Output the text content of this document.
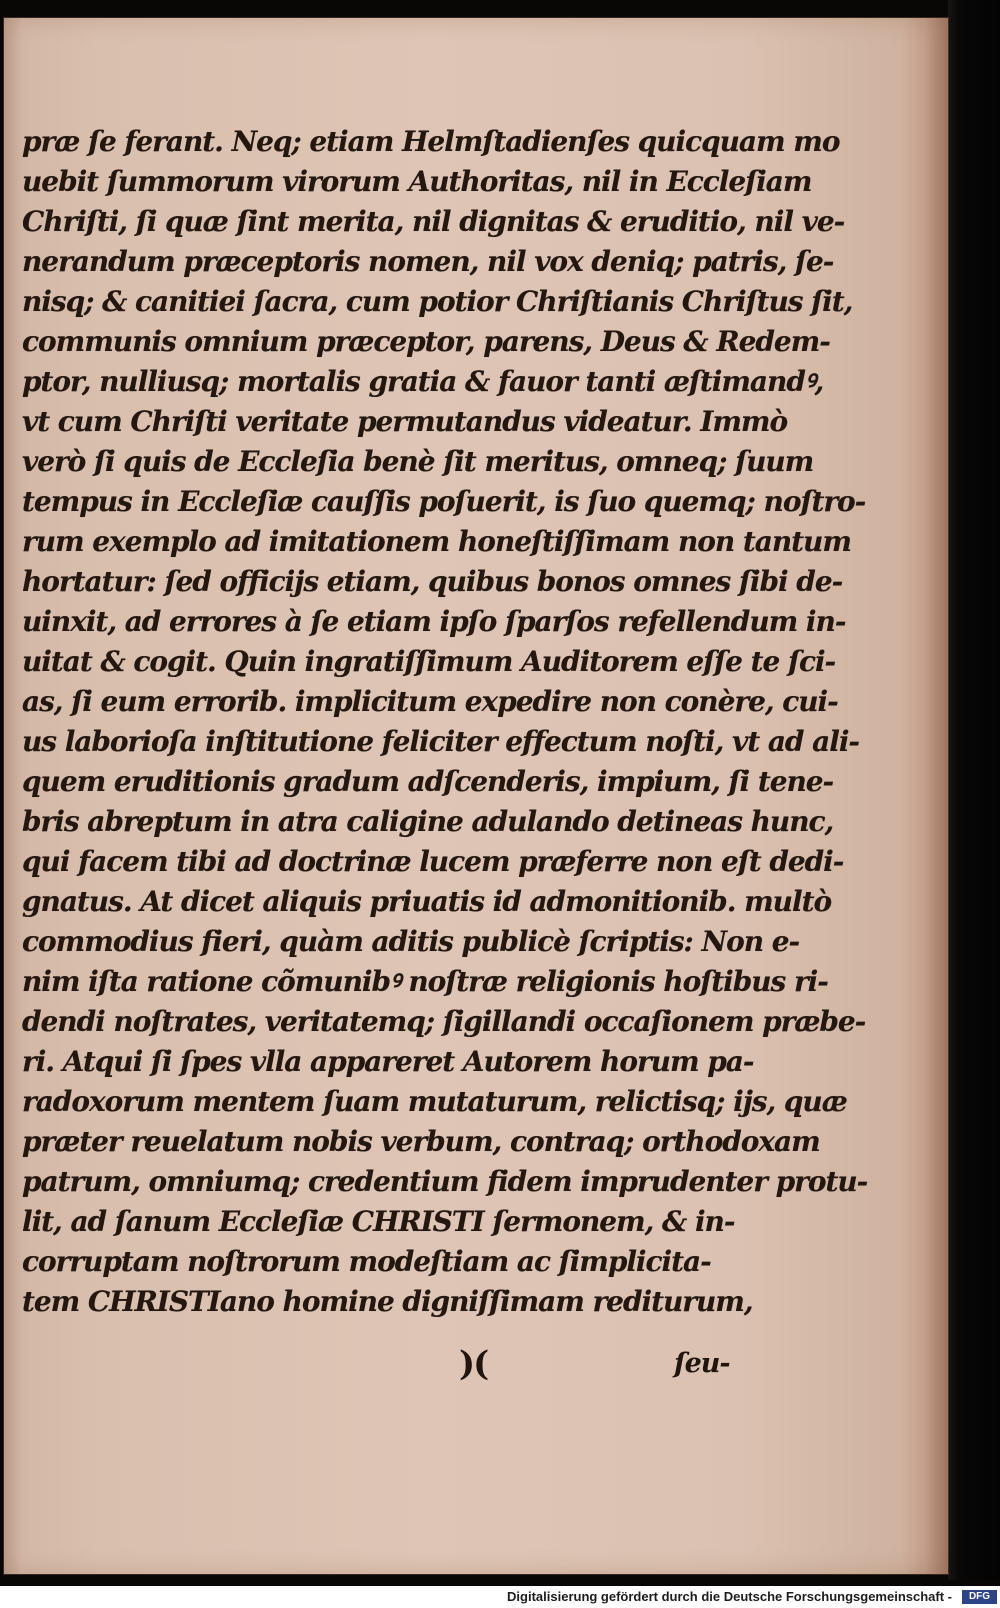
præ ſe ferant. Neq; etiam Helmſtadienſes quicquam mo
uebit ſummorum virorum Authoritas, nil in Eccleſiam
Chriſti, ſi quæ ſint merita, nil dignitas & eruditio, nil ve-
nerandum præceptoris nomen, nil vox deniq; patris, ſe-
nisq; & canitiei ſacra, cum potior Chriſtianis Chriſtus ſit,
communis omnium præceptor, parens, Deus & Redem-
ptor, nulliusq; mortalis gratia & fauor tanti æſtimandꝰ,
vt cum Chriſti veritate permutandus videatur. Immò
verò ſi quis de Eccleſia benè ſit meritus, omneq; ſuum
tempus in Eccleſiæ cauſſis poſuerit, is ſuo quemq; noſtro-
rum exemplo ad imitationem honeſtiſſimam non tantum
hortatur: ſed officijs etiam, quibus bonos omnes ſibi de-
uinxit, ad errores à ſe etiam ipſo ſparſos refellendum in-
uitat & cogit. Quin ingratiſſimum Auditorem eſſe te ſci-
as, ſi eum errorib. implicitum expedire non conère, cui-
us laborioſa inſtitutione feliciter effectum noſti, vt ad ali-
quem eruditionis gradum adſcenderis, impium, ſi tene-
bris abreptum in atra caligine adulando detineas hunc,
qui facem tibi ad doctrinæ lucem præferre non eſt dedi-
gnatus. At dicet aliquis priuatis id admonitionib. multò
commodius fieri, quàm aditis publicè ſcriptis: Non e-
nim iſta ratione cõmunibꝰ noſtræ religionis hoſtibus ri-
dendi noſtrates, veritatemq; ſigillandi occaſionem præbe-
ri. Atqui ſi ſpes vlla appareret Autorem horum pa-
radoxorum mentem ſuam mutaturum, relictisq; ijs, quæ
præter reuelatum nobis verbum, contraq; orthodoxam
patrum, omniumq; credentium fidem imprudenter protu-
lit, ad ſanum Eccleſiæ CHRISTI ſermonem, & in-
corruptam noſtrorum modeſtiam ac ſimplicita-
tem CHRISTIano homine digniſſimam rediturum,
)(	ſeu-
Digitalisierung gefördert durch die Deutsche Forschungsgemeinschaft -	DFG
